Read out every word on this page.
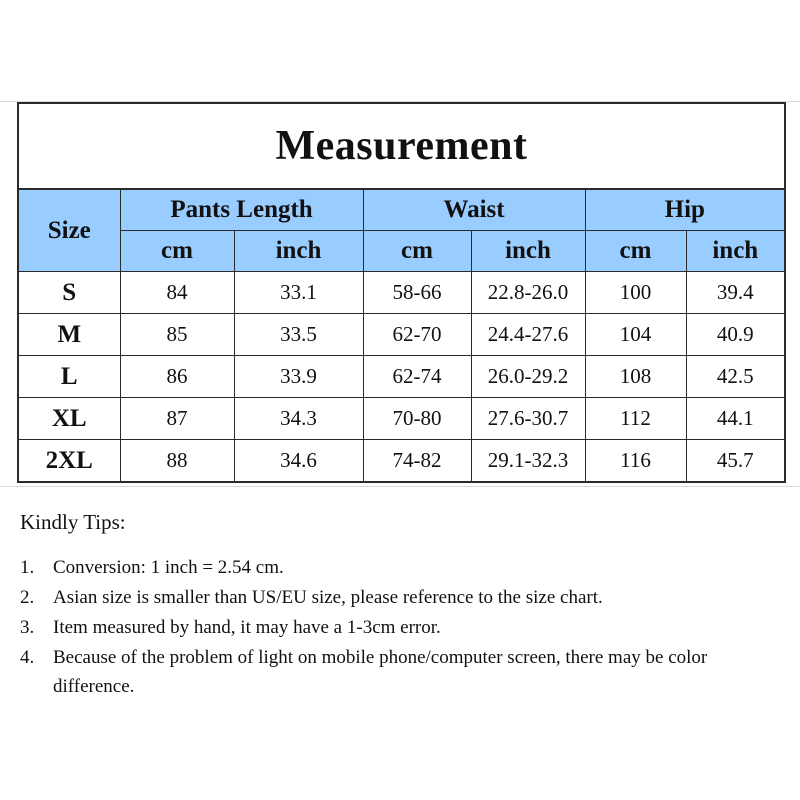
Measurement
Size	Pants Length		Waist		Hip	
	cm	inch	cm	inch	cm	inch
S	84	33.1	58-66	22.8-26.0	100	39.4
M	85	33.5	62-70	24.4-27.6	104	40.9
L	86	33.9	62-74	26.0-29.2	108	42.5
XL	87	34.3	70-80	27.6-30.7	112	44.1
2XL	88	34.6	74-82	29.1-32.3	116	45.7
Kindly Tips:
1. Conversion: 1 inch = 2.54 cm.
2. Asian size is smaller than US/EU size, please reference to the size chart.
3. Item measured by hand, it may have a 1-3cm error.
4. Because of the problem of light on mobile phone/computer screen, there may be color difference.
